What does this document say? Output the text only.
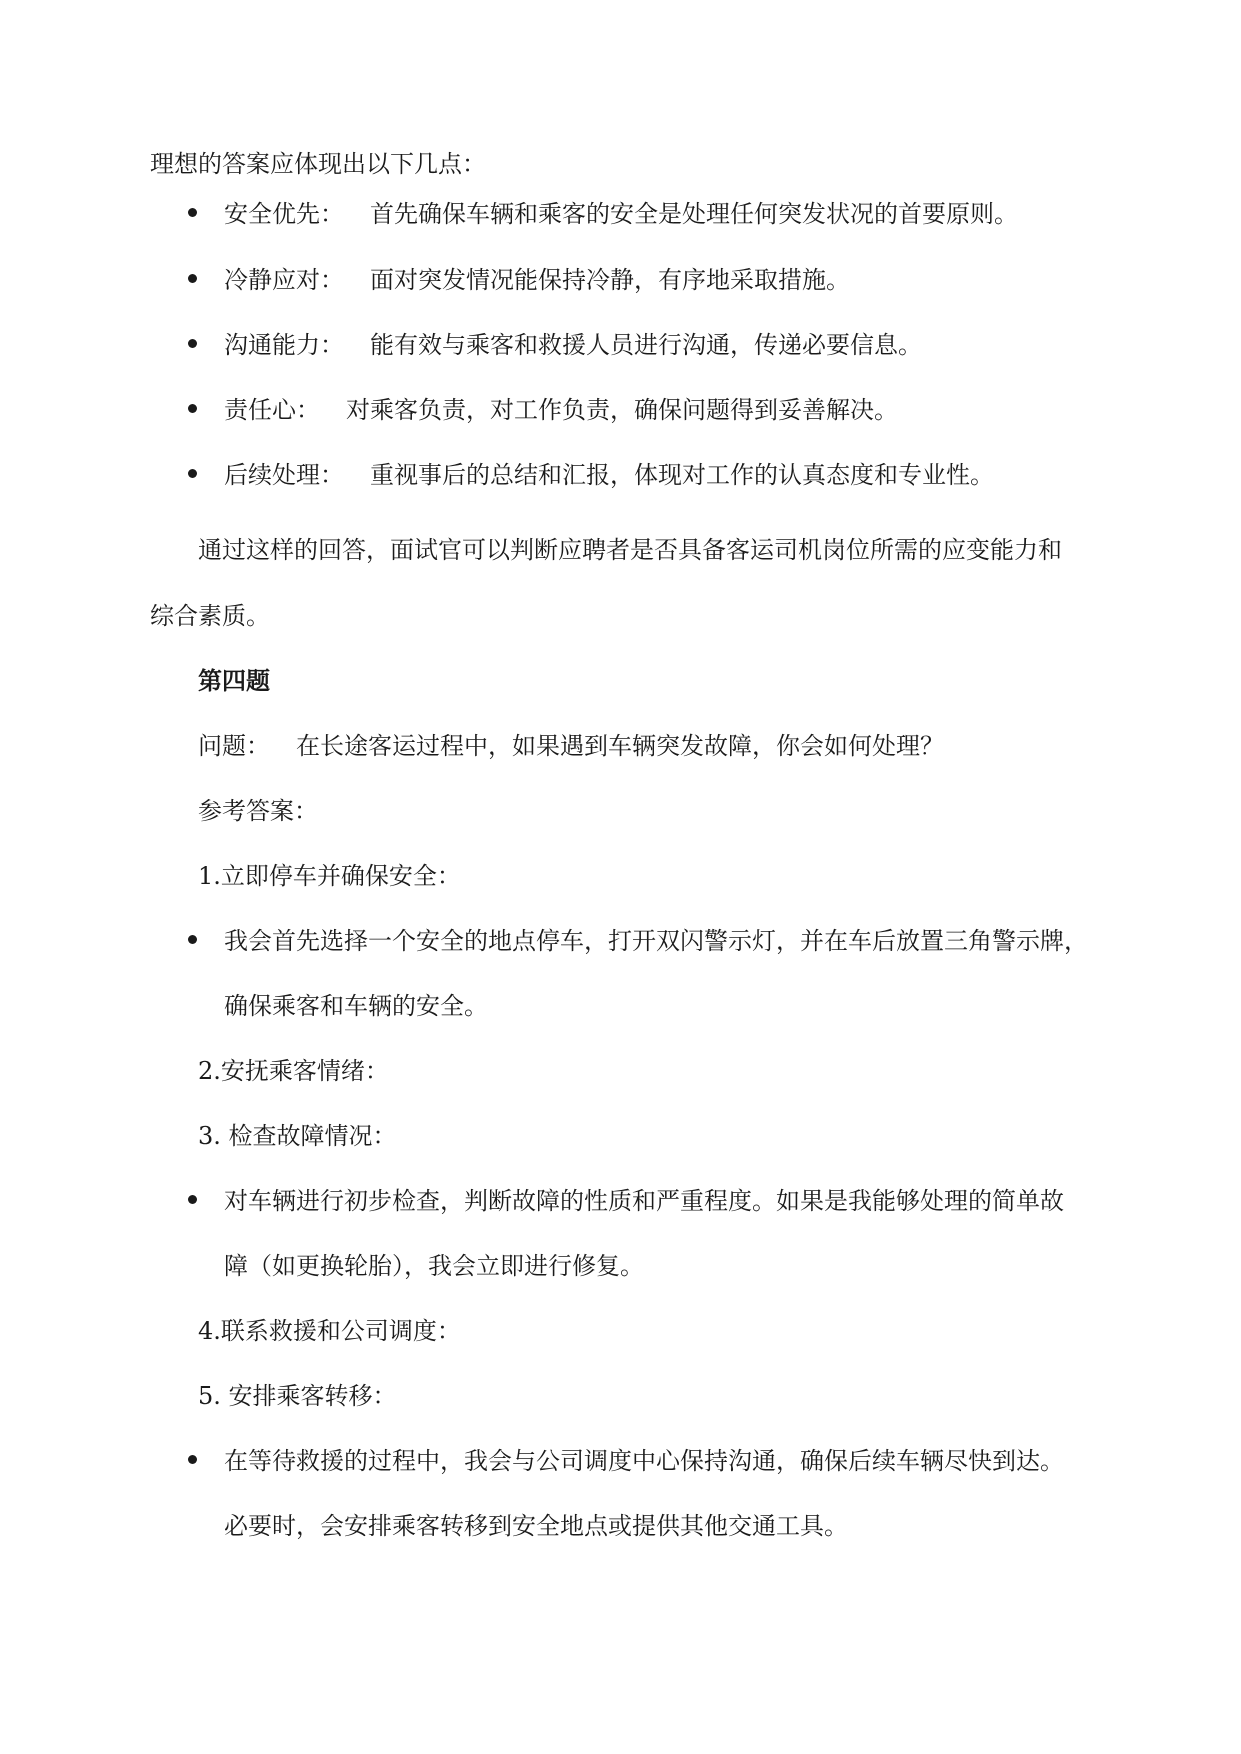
理想的答案应体现出以下几点：
安全优先： 首先确保车辆和乘客的安全是处理任何突发状况的首要原则。
冷静应对： 面对突发情况能保持冷静，有序地采取措施。
沟通能力： 能有效与乘客和救援人员进行沟通，传递必要信息。
责任心： 对乘客负责，对工作负责，确保问题得到妥善解决。
后续处理： 重视事后的总结和汇报，体现对工作的认真态度和专业性。
通过这样的回答，面试官可以判断应聘者是否具备客运司机岗位所需的应变能力和
综合素质。
第四题
问题： 在长途客运过程中，如果遇到车辆突发故障，你会如何处理？
参考答案：
1.立即停车并确保安全：
我会首先选择一个安全的地点停车，打开双闪警示灯，并在车后放置三角警示牌，
确保乘客和车辆的安全。
2.安抚乘客情绪：
3. 检查故障情况：
对车辆进行初步检查，判断故障的性质和严重程度。如果是我能够处理的简单故
障（如更换轮胎），我会立即进行修复。
4.联系救援和公司调度：
5. 安排乘客转移：
在等待救援的过程中，我会与公司调度中心保持沟通，确保后续车辆尽快到达。
必要时，会安排乘客转移到安全地点或提供其他交通工具。
